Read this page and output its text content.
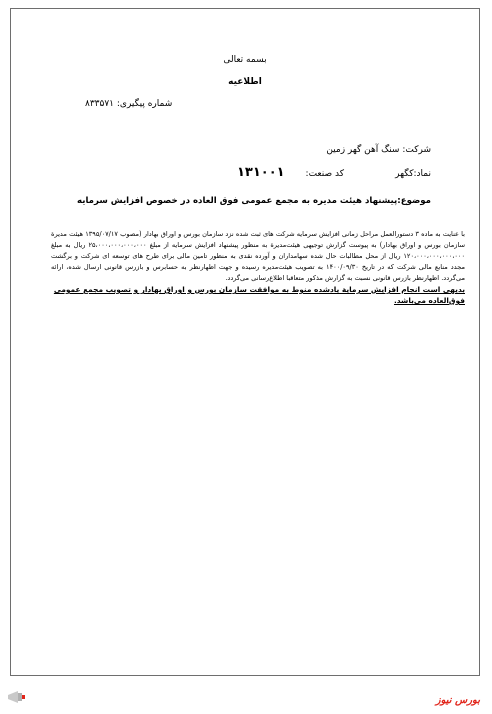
بسمه تعالی
اطلاعیه
شماره پیگیری: ۸۳۳۵۷۱
شرکت: سنگ آهن گهر زمین
نماد:
کگهر
کد صنعت:
۱۳۱۰۰۱
موضوع:پیشنهاد هیئت مدیره به مجمع عمومی فوق العاده در خصوص افزایش سرمایه

با عنایت به ماده ۳ دستورالعمل مراحل زمانی افزایش سرمایه شرکت های ثبت شده نزد سازمان بورس و اوراق بهادار (مصوب ۱۳۹۵/۰۷/۱۷ هیئت مدیرة سازمان بورس و اوراق بهادار) به پیوست گزارش توجیهی هیئت‌مدیرة به منظور پیشنهاد افزایش سرمایه از مبلغ ۲۵،۰۰۰،۰۰۰،۰۰۰،۰۰۰ ریال به مبلغ ۱۲۰،۰۰۰،۰۰۰،۰۰۰،۰۰۰ ریال از محل مطالبات حال شده سهامداران و آورده نقدی به منظور تامین مالی برای طرح های توسعه ای شرکت و برگشت مجدد منابع مالی شرکت که در تاریخ ۱۴۰۰/۰۹/۳۰ به تصویب هیئت‌مدیره رسیده و جهت اظهارنظر به حسابرس و بازرس قانونی ارسال شده، ارائه می‌گردد. اظهارنظر بازرس قانونی نسبت به گزارش مذکور متعاقبا اطلاع‌رسانی می‌گردد.

بدیهی است انجام افزایش سرمایة یادشده منوط به موافقت سازمان بورس و اوراق بهادار و تصویب مجمع عمومی فوق‌العاده می‌باشد.
بورس نیوز
